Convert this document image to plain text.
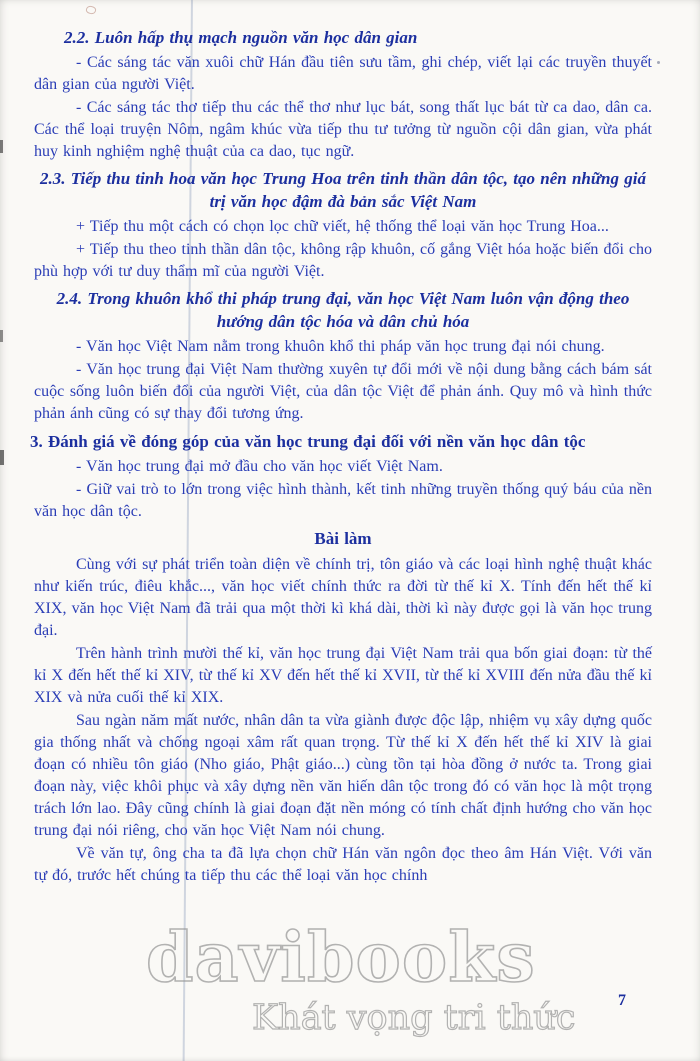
2.2. Luôn hấp thụ mạch nguồn văn học dân gian
- Các sáng tác văn xuôi chữ Hán đầu tiên sưu tầm, ghi chép, viết lại các truyền thuyết dân gian của người Việt.
- Các sáng tác thơ tiếp thu các thể thơ như lục bát, song thất lục bát từ ca dao, dân ca. Các thể loại truyện Nôm, ngâm khúc vừa tiếp thu tư tưởng từ nguồn cội dân gian, vừa phát huy kinh nghiệm nghệ thuật của ca dao, tục ngữ.
2.3. Tiếp thu tinh hoa văn học Trung Hoa trên tinh thần dân tộc, tạo nên những giá trị văn học đậm đà bản sắc Việt Nam
+ Tiếp thu một cách có chọn lọc chữ viết, hệ thống thể loại văn học Trung Hoa...
+ Tiếp thu theo tinh thần dân tộc, không rập khuôn, cố gắng Việt hóa hoặc biến đổi cho phù hợp với tư duy thẩm mĩ của người Việt.
2.4. Trong khuôn khổ thi pháp trung đại, văn học Việt Nam luôn vận động theo hướng dân tộc hóa và dân chủ hóa
- Văn học Việt Nam nằm trong khuôn khổ thi pháp văn học trung đại nói chung.
- Văn học trung đại Việt Nam thường xuyên tự đổi mới về nội dung bằng cách bám sát cuộc sống luôn biến đổi của người Việt, của dân tộc Việt để phản ánh. Quy mô và hình thức phản ánh cũng có sự thay đổi tương ứng.
3. Đánh giá về đóng góp của văn học trung đại đối với nền văn học dân tộc
- Văn học trung đại mở đầu cho văn học viết Việt Nam.
- Giữ vai trò to lớn trong việc hình thành, kết tinh những truyền thống quý báu của nền văn học dân tộc.
Bài làm
Cùng với sự phát triển toàn diện về chính trị, tôn giáo và các loại hình nghệ thuật khác như kiến trúc, điêu khắc..., văn học viết chính thức ra đời từ thế kỉ X. Tính đến hết thế kỉ XIX, văn học Việt Nam đã trải qua một thời kì khá dài, thời kì này được gọi là văn học trung đại.
Trên hành trình mười thế kỉ, văn học trung đại Việt Nam trải qua bốn giai đoạn: từ thế kỉ X đến hết thế kỉ XIV, từ thế kỉ XV đến hết thế kỉ XVII, từ thế kỉ XVIII đến nửa đầu thế kỉ XIX và nửa cuối thế kỉ XIX.
Sau ngàn năm mất nước, nhân dân ta vừa giành được độc lập, nhiệm vụ xây dựng quốc gia thống nhất và chống ngoại xâm rất quan trọng. Từ thế kỉ X đến hết thế kỉ XIV là giai đoạn có nhiều tôn giáo (Nho giáo, Phật giáo...) cùng tồn tại hòa đồng ở nước ta. Trong giai đoạn này, việc khôi phục và xây dựng nền văn hiến dân tộc trong đó có văn học là một trọng trách lớn lao. Đây cũng chính là giai đoạn đặt nền móng có tính chất định hướng cho văn học trung đại nói riêng, cho văn học Việt Nam nói chung.
Về văn tự, ông cha ta đã lựa chọn chữ Hán văn ngôn đọc theo âm Hán Việt. Với văn tự đó, trước hết chúng ta tiếp thu các thể loại văn học chính
davibooks
Khát vọng tri thức	7
